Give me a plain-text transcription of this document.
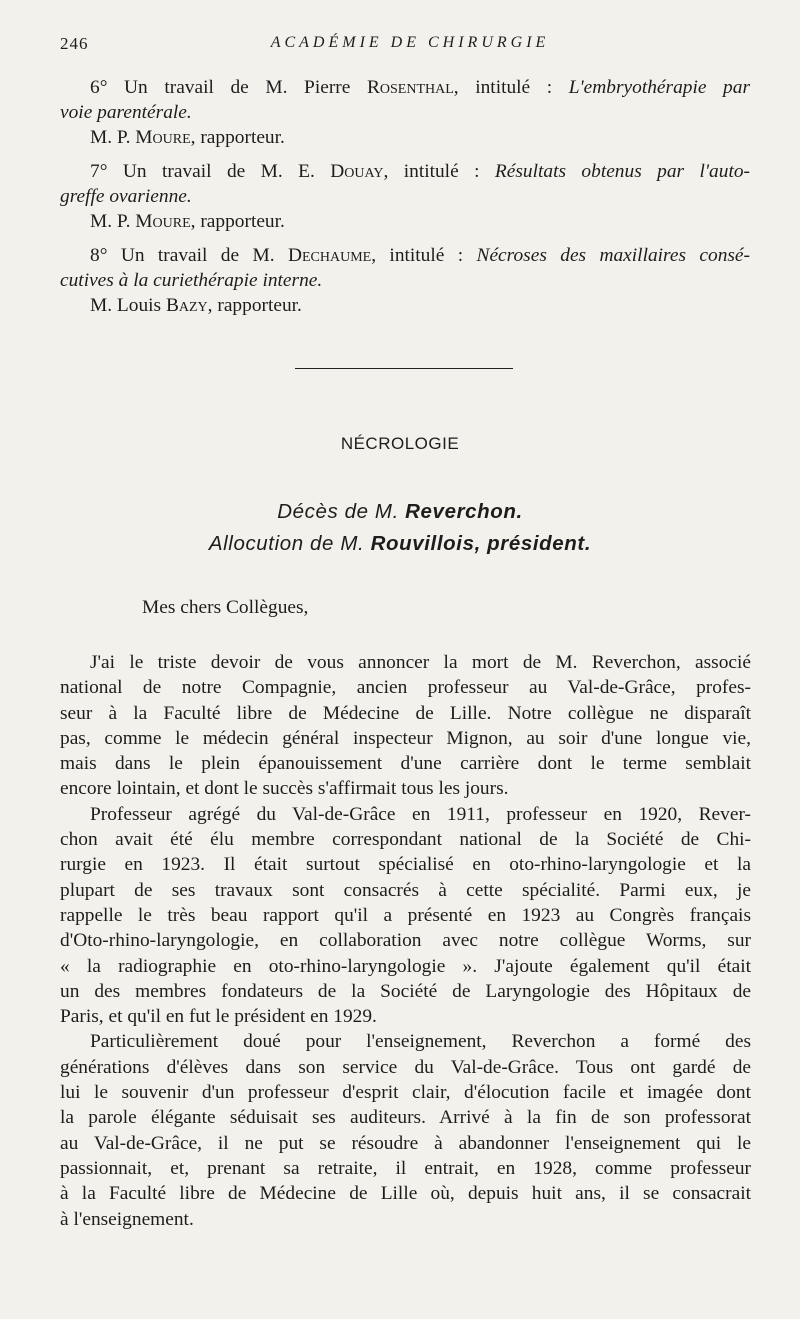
246	ACADÉMIE DE CHIRURGIE

6° Un travail de M. Pierre Rosenthal, intitulé : L'embryothérapie par

voie parentérale.

M. P. Moure, rapporteur.

7° Un travail de M. E. Douay, intitulé : Résultats obtenus par l'auto-

greffe ovarienne.

M. P. Moure, rapporteur.

8° Un travail de M. Dechaume, intitulé : Nécroses des maxillaires consé-

cutives à la curiethérapie interne.

M. Louis Bazy, rapporteur.

NÉCROLOGIE
Décès de M. Reverchon.
Allocution de M. Rouvillois, président.
Mes chers Collègues,

J'ai le triste devoir de vous annoncer la mort de M. Reverchon, associé
national de notre Compagnie, ancien professeur au Val-de-Grâce, profes-
seur à la Faculté libre de Médecine de Lille. Notre collègue ne disparaît
pas, comme le médecin général inspecteur Mignon, au soir d'une longue vie,
mais dans le plein épanouissement d'une carrière dont le terme semblait
encore lointain, et dont le succès s'affirmait tous les jours.

Professeur agrégé du Val-de-Grâce en 1911, professeur en 1920, Rever-
chon avait été élu membre correspondant national de la Société de Chi-
rurgie en 1923. Il était surtout spécialisé en oto-rhino-laryngologie et la
plupart de ses travaux sont consacrés à cette spécialité. Parmi eux, je
rappelle le très beau rapport qu'il a présenté en 1923 au Congrès français
d'Oto-rhino-laryngologie, en collaboration avec notre collègue Worms, sur
« la radiographie en oto-rhino-laryngologie ». J'ajoute également qu'il était
un des membres fondateurs de la Société de Laryngologie des Hôpitaux de
Paris, et qu'il en fut le président en 1929.

Particulièrement doué pour l'enseignement, Reverchon a formé des
générations d'élèves dans son service du Val-de-Grâce. Tous ont gardé de
lui le souvenir d'un professeur d'esprit clair, d'élocution facile et imagée dont
la parole élégante séduisait ses auditeurs. Arrivé à la fin de son professorat
au Val-de-Grâce, il ne put se résoudre à abandonner l'enseignement qui le
passionnait, et, prenant sa retraite, il entrait, en 1928, comme professeur
à la Faculté libre de Médecine de Lille où, depuis huit ans, il se consacrait
à l'enseignement.
